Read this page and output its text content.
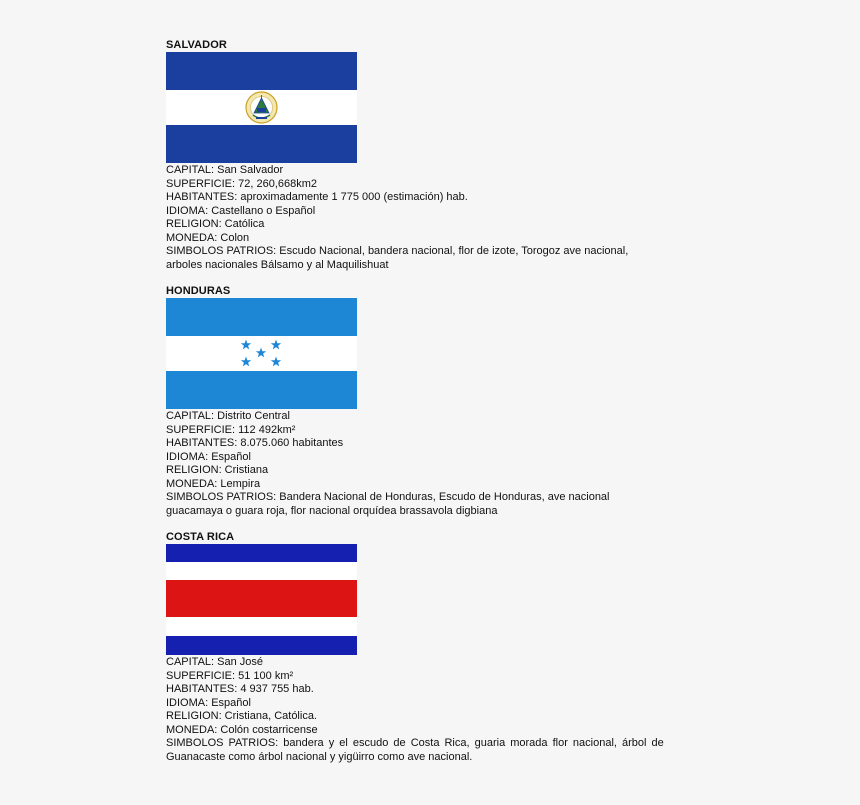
SALVADOR
CAPITAL: San Salvador
SUPERFICIE: 72, 260,668km2
HABITANTES: aproximadamente 1 775 000 (estimación) hab.
IDIOMA: Castellano o Español
RELIGION: Católica
MONEDA: Colon
SIMBOLOS PATRIOS: Escudo Nacional, bandera nacional, flor de izote, Torogoz ave nacional,
arboles nacionales Bálsamo y al Maquilishuat
HONDURAS
CAPITAL: Distrito Central
SUPERFICIE: 112 492km²
HABITANTES: 8.075.060 habitantes
IDIOMA: Español
RELIGION: Cristiana
MONEDA: Lempira
SIMBOLOS PATRIOS: Bandera Nacional de Honduras, Escudo de Honduras, ave nacional
guacamaya o guara roja, flor nacional orquídea brassavola digbiana
COSTA RICA
CAPITAL: San José
SUPERFICIE: 51 100 km²
HABITANTES: 4 937 755 hab.
IDIOMA: Español
RELIGION: Cristiana, Católica.
MONEDA: Colón costarricense
SIMBOLOS PATRIOS: bandera y el escudo de Costa Rica, guaria morada flor nacional, árbol de
Guanacaste como árbol nacional y yigüirro como ave nacional.
